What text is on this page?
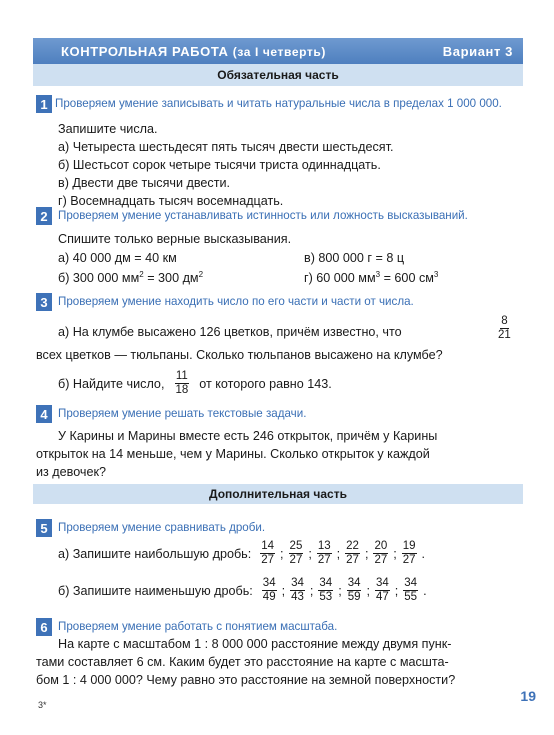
КОНТРОЛЬНАЯ РАБОТА (за I четверть)	Вариант 3
Обязательная часть
1 Проверяем умение записывать и читать натуральные числа в пределах 1 000 000.
Запишите числа.
а) Четыреста шестьдесят пять тысяч двести шестьдесят.
б) Шестьсот сорок четыре тысячи триста одиннадцать.
в) Двести две тысячи двести.
г) Восемнадцать тысяч восемнадцать.
2 Проверяем умение устанавливать истинность или ложность высказываний.
Спишите только верные высказывания.
а) 40 000 дм = 40 км
б) 300 000 $мм^2 = 300$ $дм^2$
в) 800 000 г = 8 ц
г) 60 000 $мм^3 = 600$ $см^3$
3 Проверяем умение находить число по его части и части от числа.
а) На клумбе высажено 126 цветков, причём известно, что	$\frac{8}{21}$
всех цветков — тюльпаны. Сколько тюльпанов высажено на клумбе?
б) Найдите число, $\frac{11}{18}$ от которого равно 143.
4 Проверяем умение решать текстовые задачи.
У Карины и Марины вместе есть 246 открыток, причём у Карины
открыток на 14 меньше, чем у Марины. Сколько открыток у каждой
из девочек?
Дополнительная часть
5 Проверяем умение сравнивать дроби.
а) Запишите наибольшую дробь: $\frac{14}{27}$ ; $\frac{25}{27}$ ; $\frac{13}{27}$ ; $\frac{22}{27}$ ; $\frac{20}{27}$ ; $\frac{19}{27}$ .
б) Запишите наименьшую дробь: $\frac{34}{49}$ ; $\frac{34}{43}$ ; $\frac{34}{53}$ ; $\frac{34}{59}$ ; $\frac{34}{47}$ ; $\frac{34}{55}$ .
6 Проверяем умение работать с понятием масштаба.
На карте с масштабом 1 : 8 000 000 расстояние между двумя пунк-
тами составляет 6 см. Каким будет это расстояние на карте с масшта-
бом 1 : 4 000 000? Чему равно это расстояние на земной поверхности?
19
3*
